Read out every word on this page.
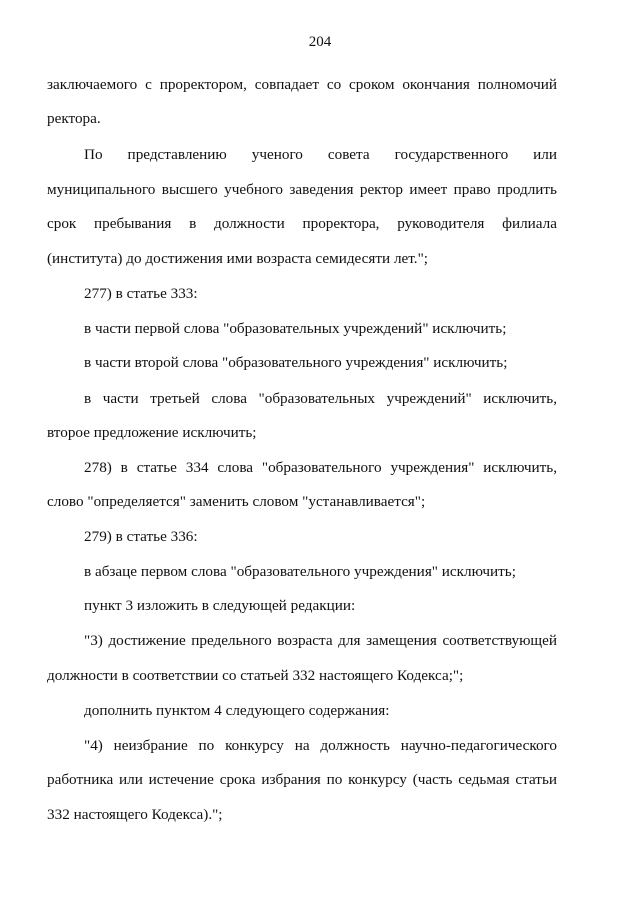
204
заключаемого с проректором, совпадает со сроком окончания полномочий
ректора.
По представлению ученого совета государственного или
муниципального высшего учебного заведения ректор имеет право продлить
срок пребывания в должности проректора, руководителя филиала
(института) до достижения ими возраста семидесяти лет.";
277) в статье 333:
в части первой слова "образовательных учреждений" исключить;
в части второй слова "образовательного учреждения" исключить;
в части третьей слова "образовательных учреждений" исключить,
второе предложение исключить;
278) в статье 334 слова "образовательного учреждения" исключить,
слово "определяется" заменить словом "устанавливается";
279) в статье 336:
в абзаце первом слова "образовательного учреждения" исключить;
пункт 3 изложить в следующей редакции:
"3) достижение предельного возраста для замещения соответствующей
должности в соответствии со статьей 332 настоящего Кодекса;";
дополнить пунктом 4 следующего содержания:
"4) неизбрание по конкурсу на должность научно-педагогического
работника или истечение срока избрания по конкурсу (часть седьмая статьи
332 настоящего Кодекса).";
